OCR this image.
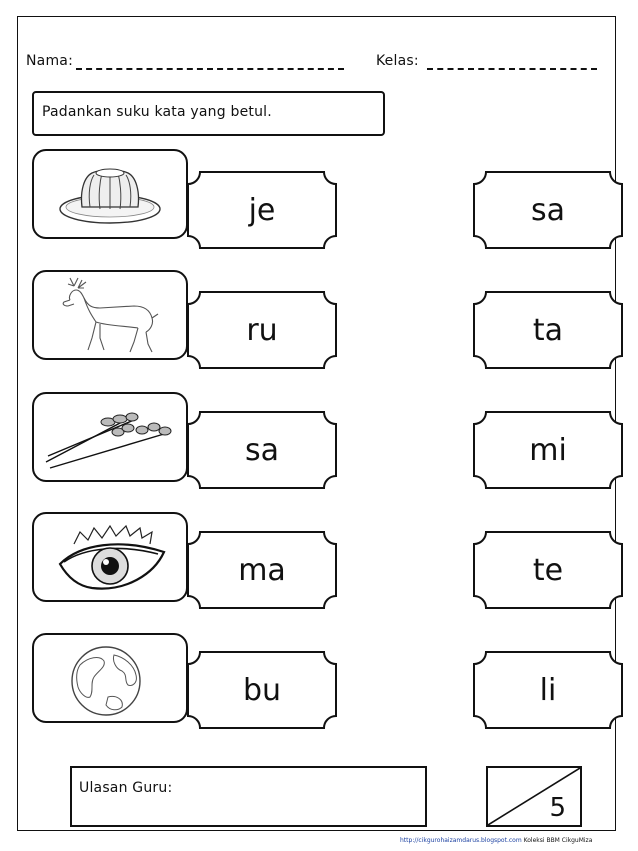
Nama:	Kelas:
Padankan suku kata yang betul.
je
ru
sa
ma
bu
sa
ta
mi
te
li
Ulasan Guru:
5
http://cikgurohaizamdarus.blogspot.com Koleksi BBM CikguMiza
